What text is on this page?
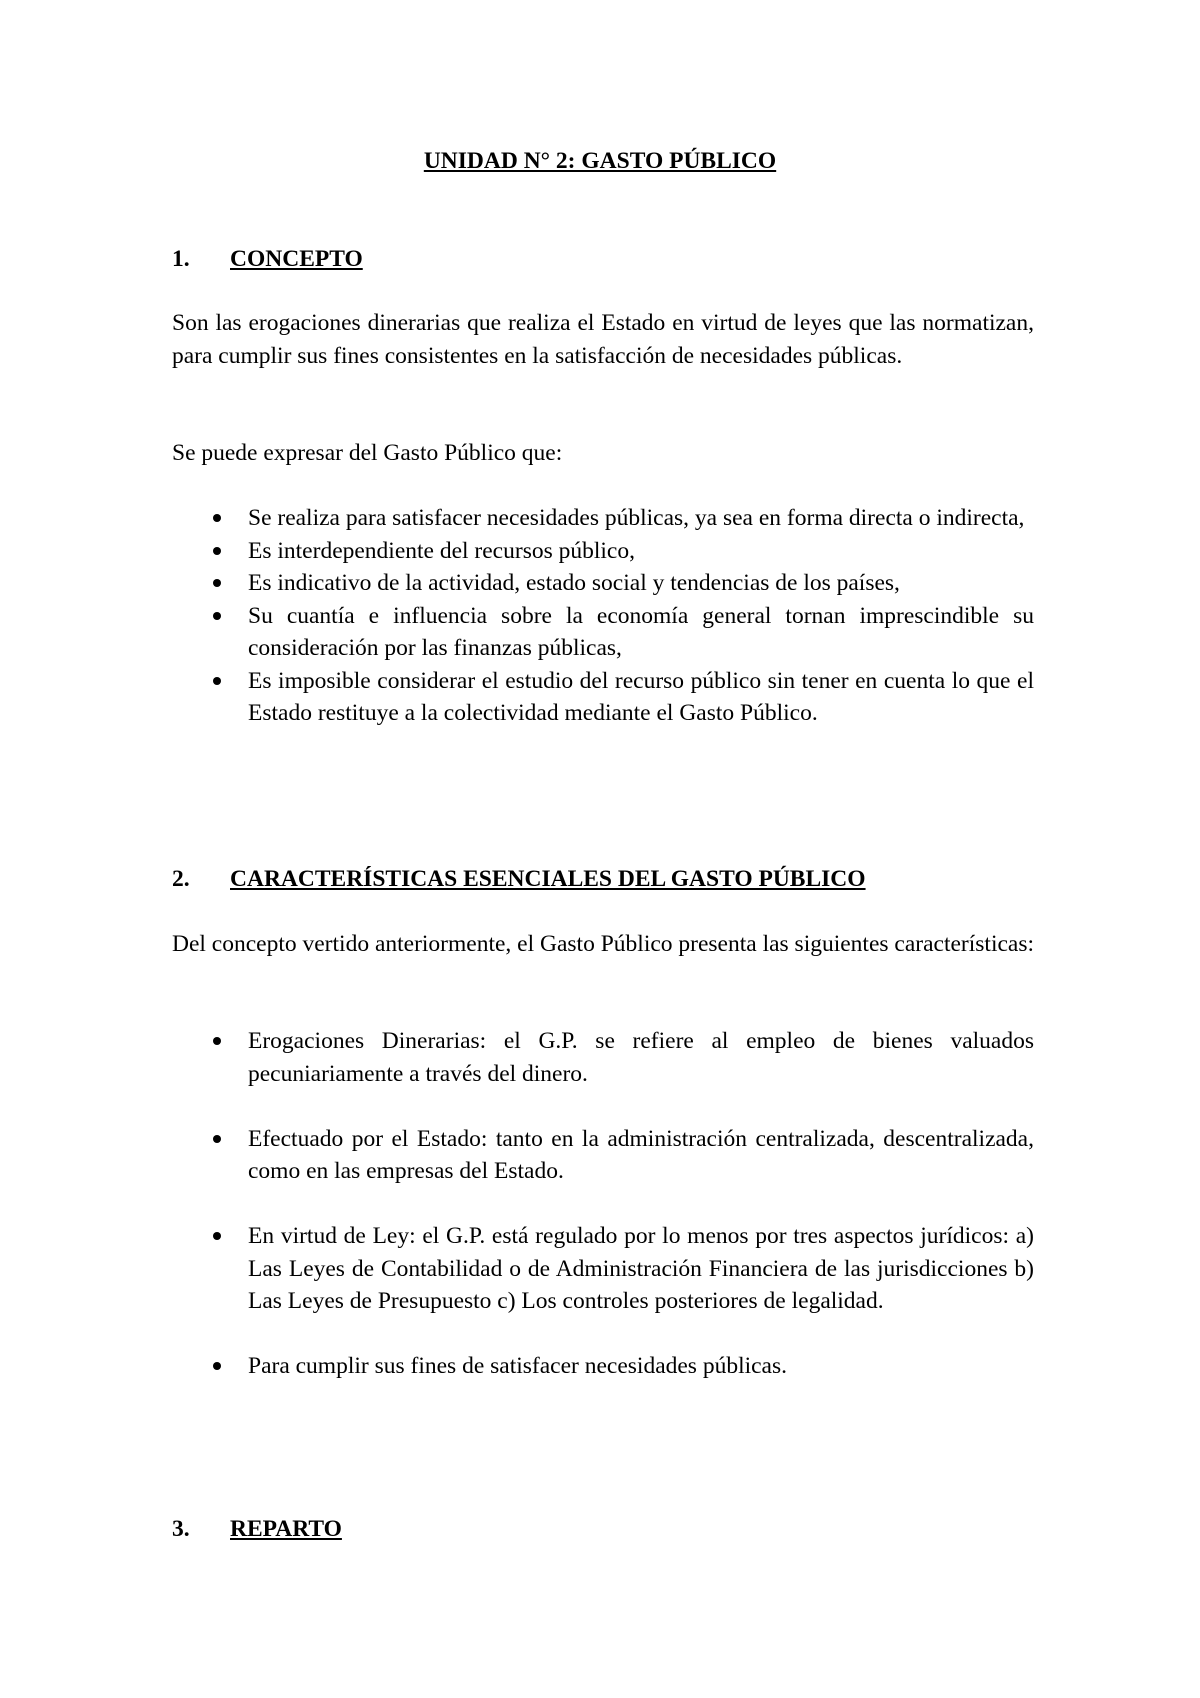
UNIDAD N° 2: GASTO PÚBLICO
1. CONCEPTO

Son las erogaciones dinerarias que realiza el Estado en virtud de leyes que las normatizan, para cumplir sus fines consistentes en la satisfacción de necesidades públicas.

Se puede expresar del Gasto Público que:

Se realiza para satisfacer necesidades públicas, ya sea en forma directa o indirecta,
Es interdependiente del recursos público,
Es indicativo de la actividad, estado social y tendencias de los países,
Su cuantía e influencia sobre la economía general tornan imprescindible su consideración por las finanzas públicas,
Es imposible considerar el estudio del recurso público sin tener en cuenta lo que el Estado restituye a la colectividad mediante el Gasto Público.
2. CARACTERÍSTICAS ESENCIALES DEL GASTO PÚBLICO

Del concepto vertido anteriormente, el Gasto Público presenta las siguientes características:

Erogaciones Dinerarias: el G.P. se refiere al empleo de bienes valuados pecuniariamente a través del dinero.
Efectuado por el Estado: tanto en la administración centralizada, descentralizada, como en las empresas del Estado.
En virtud de Ley: el G.P. está regulado por lo menos por tres aspectos jurídicos: a) Las Leyes de Contabilidad o de Administración Financiera de las jurisdicciones b) Las Leyes de Presupuesto c) Los controles posteriores de legalidad.
Para cumplir sus fines de satisfacer necesidades públicas.
3. REPARTO
